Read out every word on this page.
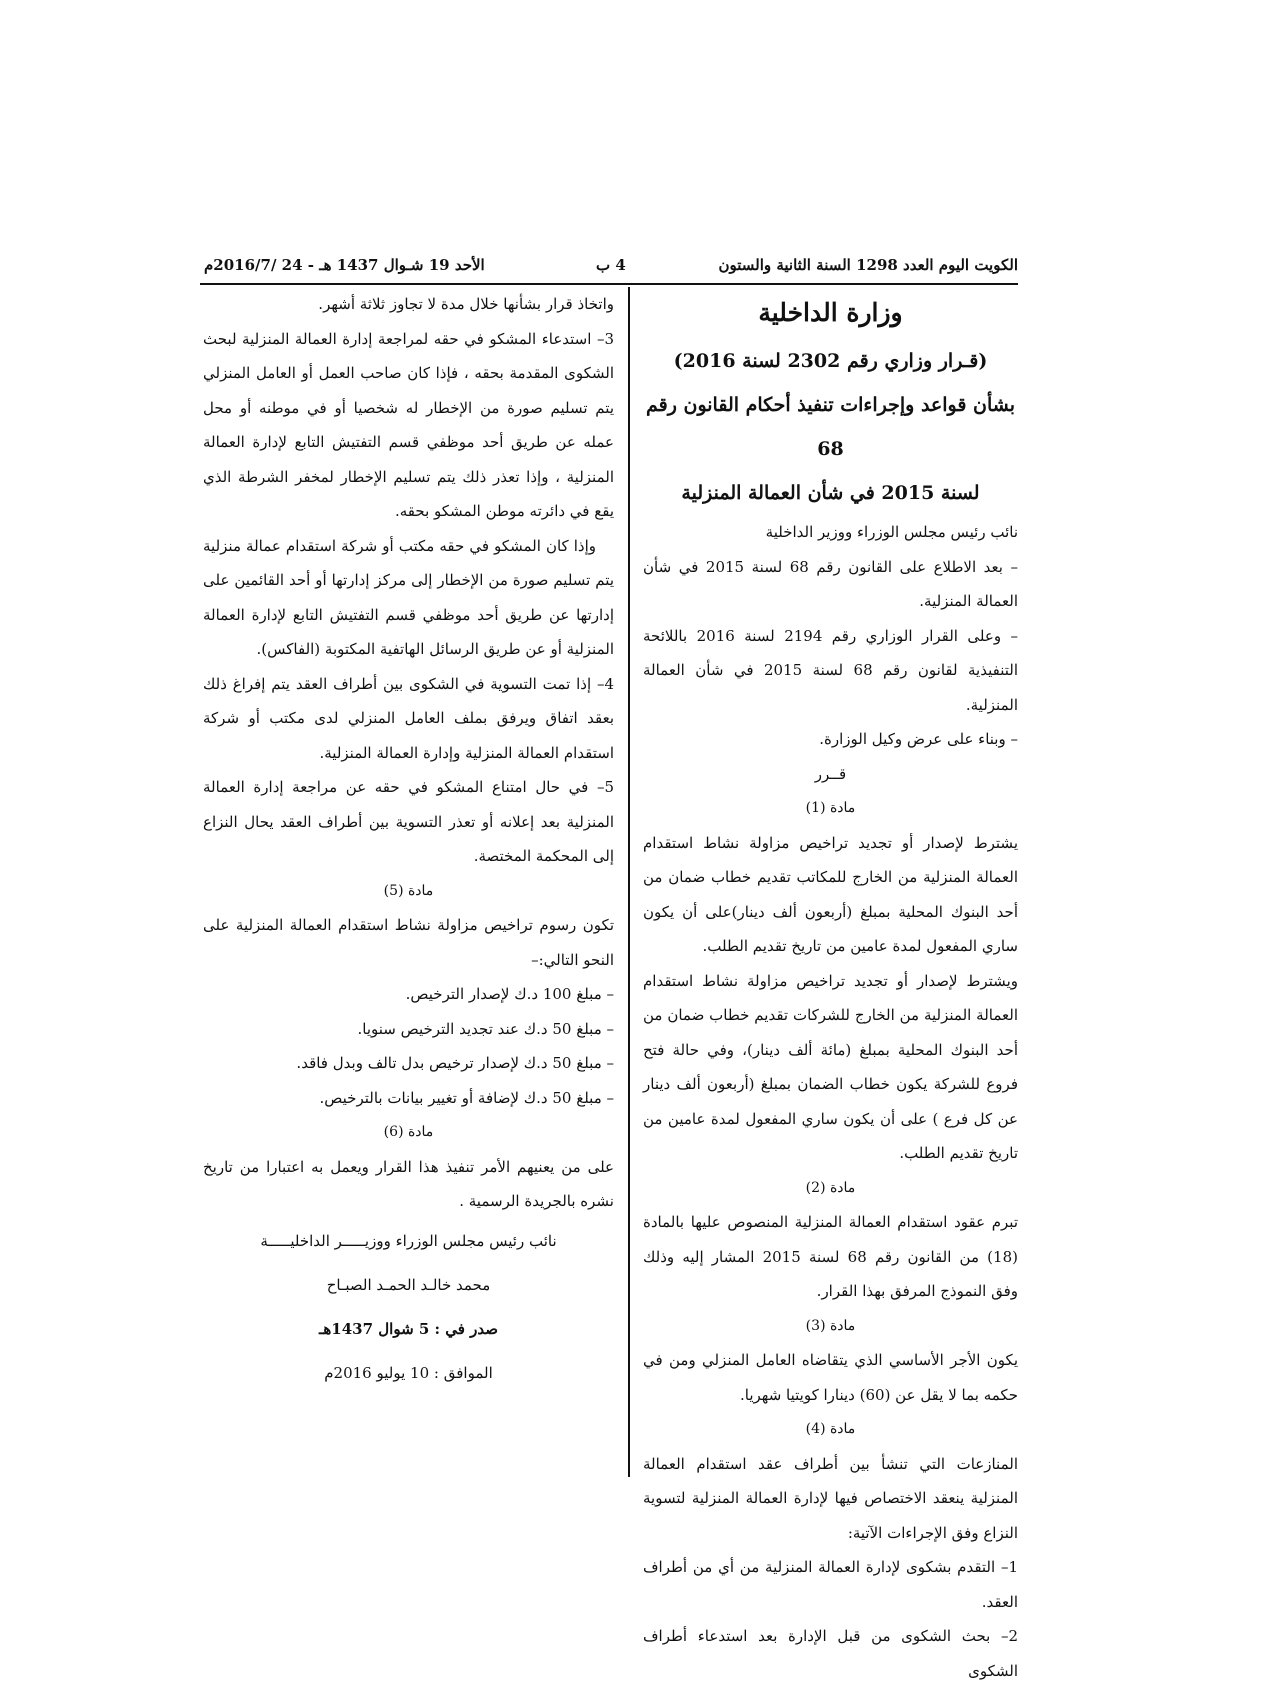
الكويت اليوم العدد 1298 السنة الثانية والستون
4 ب
الأحد 19 شـوال 1437 هـ - 24 /2016/7م

وزارة الداخلية

(قـرار وزاري رقم 2302 لسنة 2016)

بشأن قواعد وإجراءات تنفيذ أحكام القانون رقم 68

لسنة 2015 في شأن العمالة المنزلية

نائب رئيس مجلس الوزراء ووزير الداخلية

– بعد الاطلاع على القانون رقم 68 لسنة 2015 في شأن العمالة المنزلية.

– وعلى القرار الوزاري رقم 2194 لسنة 2016 باللائحة التنفيذية لقانون رقم 68 لسنة 2015 في شأن العمالة المنزلية.

– وبناء على عرض وكيل الوزارة.

قــرر

مادة (1)

يشترط لإصدار أو تجديد تراخيص مزاولة نشاط استقدام العمالة المنزلية من الخارج للمكاتب تقديم خطاب ضمان من أحد البنوك المحلية بمبلغ (أربعون ألف دينار)على أن يكون ساري المفعول لمدة عامين من تاريخ تقديم الطلب.

ويشترط لإصدار أو تجديد تراخيص مزاولة نشاط استقدام العمالة المنزلية من الخارج للشركات تقديم خطاب ضمان من أحد البنوك المحلية بمبلغ (مائة ألف دينار)، وفي حالة فتح فروع للشركة يكون خطاب الضمان بمبلغ (أربعون ألف دينار عن كل فرع ) على أن يكون ساري المفعول لمدة عامين من تاريخ تقديم الطلب.

مادة (2)

تبرم عقود استقدام العمالة المنزلية المنصوص عليها بالمادة (18) من القانون رقم 68 لسنة 2015 المشار إليه وذلك وفق النموذج المرفق بهذا القرار.

مادة (3)

يكون الأجر الأساسي الذي يتقاضاه العامل المنزلي ومن في حكمه بما لا يقل عن (60) دينارا كويتيا شهريا.

مادة (4)

المنازعات التي تنشأ بين أطراف عقد استقدام العمالة المنزلية ينعقد الاختصاص فيها لإدارة العمالة المنزلية لتسوية النزاع وفق الإجراءات الآتية:

1– التقدم بشكوى لإدارة العمالة المنزلية من أي من أطراف العقد.

2– بحث الشكوى من قبل الإدارة بعد استدعاء أطراف الشكوى

واتخاذ قرار بشأنها خلال مدة لا تجاوز ثلاثة أشهر.

3– استدعاء المشكو في حقه لمراجعة إدارة العمالة المنزلية لبحث الشكوى المقدمة بحقه ، فإذا كان صاحب العمل أو العامل المنزلي يتم تسليم صورة من الإخطار له شخصيا أو في موطنه أو محل عمله عن طريق أحد موظفي قسم التفتيش التابع لإدارة العمالة المنزلية ، وإذا تعذر ذلك يتم تسليم الإخطار لمخفر الشرطة الذي يقع في دائرته موطن المشكو بحقه.

وإذا كان المشكو في حقه مكتب أو شركة استقدام عمالة منزلية يتم تسليم صورة من الإخطار إلى مركز إدارتها أو أحد القائمين على إدارتها عن طريق أحد موظفي قسم التفتيش التابع لإدارة العمالة المنزلية أو عن طريق الرسائل الهاتفية المكتوبة (الفاكس).

4– إذا تمت التسوية في الشكوى بين أطراف العقد يتم إفراغ ذلك بعقد اتفاق ويرفق بملف العامل المنزلي لدى مكتب أو شركة استقدام العمالة المنزلية وإدارة العمالة المنزلية.

5– في حال امتناع المشكو في حقه عن مراجعة إدارة العمالة المنزلية بعد إعلانه أو تعذر التسوية بين أطراف العقد يحال النزاع إلى المحكمة المختصة.

مادة (5)

تكون رسوم تراخيص مزاولة نشاط استقدام العمالة المنزلية على النحو التالي:–

– مبلغ 100 د.ك لإصدار الترخيص.

– مبلغ 50 د.ك عند تجديد الترخيص سنويا.

– مبلغ 50 د.ك لإصدار ترخيص بدل تالف وبدل فاقد.

– مبلغ 50 د.ك لإضافة أو تغيير بيانات بالترخيص.

مادة (6)

على من يعنيهم الأمر تنفيذ هذا القرار ويعمل به اعتبارا من تاريخ نشره بالجريدة الرسمية .

نائب رئيس مجلس الوزراء ووزيـــــر الداخليـــــة

محمد خالـد الحمـد الصبـاح

صدر في : 5 شوال 1437هـ

الموافق : 10 يوليو 2016م
